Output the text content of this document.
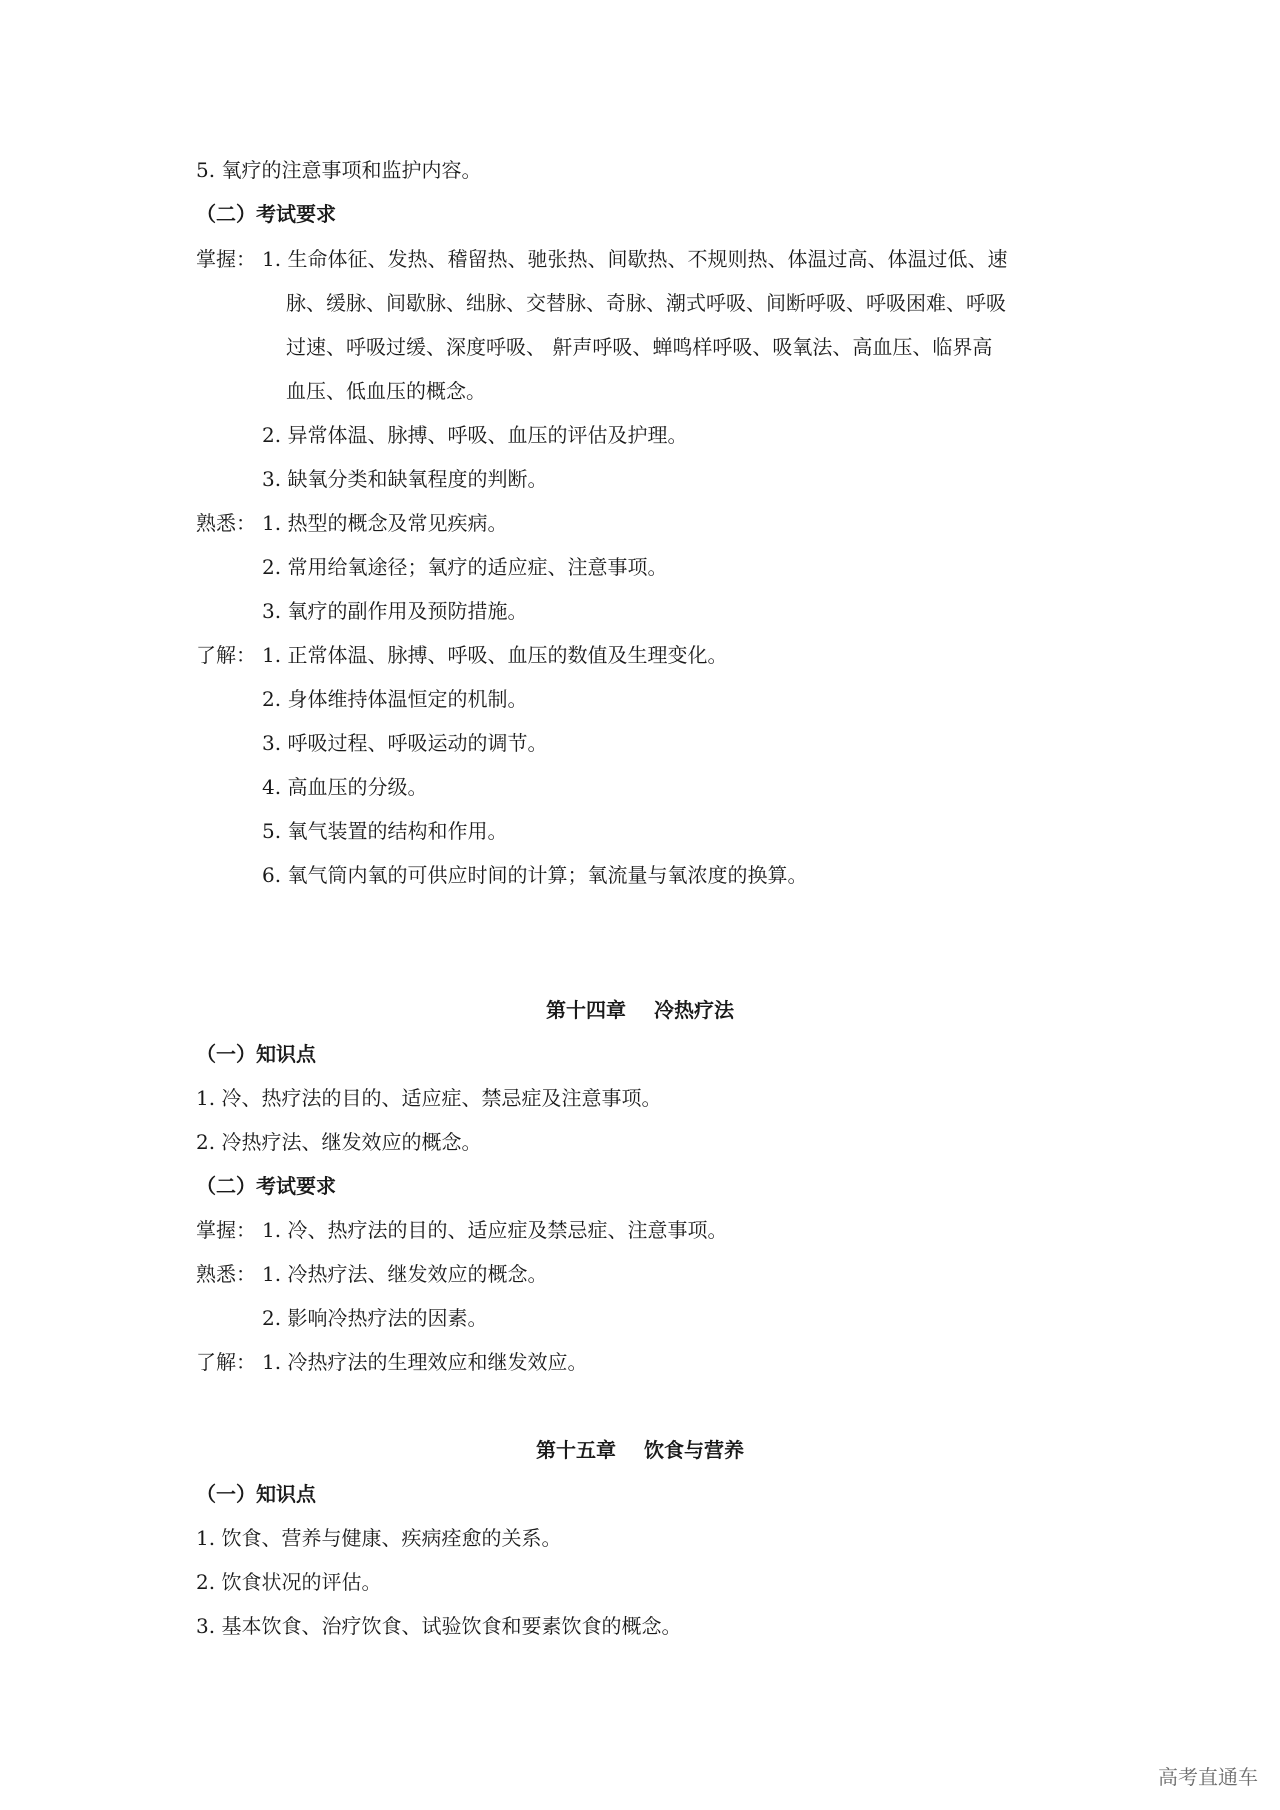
5. 氧疗的注意事项和监护内容。
（二）考试要求
掌握： 1. 生命体征、发热、稽留热、驰张热、间歇热、不规则热、体温过高、体温过低、速
脉、缓脉、间歇脉、绌脉、交替脉、奇脉、潮式呼吸、间断呼吸、呼吸困难、呼吸
过速、呼吸过缓、深度呼吸、 鼾声呼吸、蝉鸣样呼吸、吸氧法、高血压、临界高
血压、低血压的概念。
2. 异常体温、脉搏、呼吸、血压的评估及护理。
3. 缺氧分类和缺氧程度的判断。
熟悉： 1. 热型的概念及常见疾病。
2. 常用给氧途径；氧疗的适应症、注意事项。
3. 氧疗的副作用及预防措施。
了解： 1. 正常体温、脉搏、呼吸、血压的数值及生理变化。
2. 身体维持体温恒定的机制。
3. 呼吸过程、呼吸运动的调节。
4. 高血压的分级。
5. 氧气装置的结构和作用。
6. 氧气筒内氧的可供应时间的计算；氧流量与氧浓度的换算。
第十四章 冷热疗法
（一）知识点
1. 冷、热疗法的目的、适应症、禁忌症及注意事项。
2. 冷热疗法、继发效应的概念。
（二）考试要求
掌握： 1. 冷、热疗法的目的、适应症及禁忌症、注意事项。
熟悉： 1. 冷热疗法、继发效应的概念。
2. 影响冷热疗法的因素。
了解： 1. 冷热疗法的生理效应和继发效应。
第十五章 饮食与营养
（一）知识点
1. 饮食、营养与健康、疾病痊愈的关系。
2. 饮食状况的评估。
3. 基本饮食、治疗饮食、试验饮食和要素饮食的概念。
高考直通车
